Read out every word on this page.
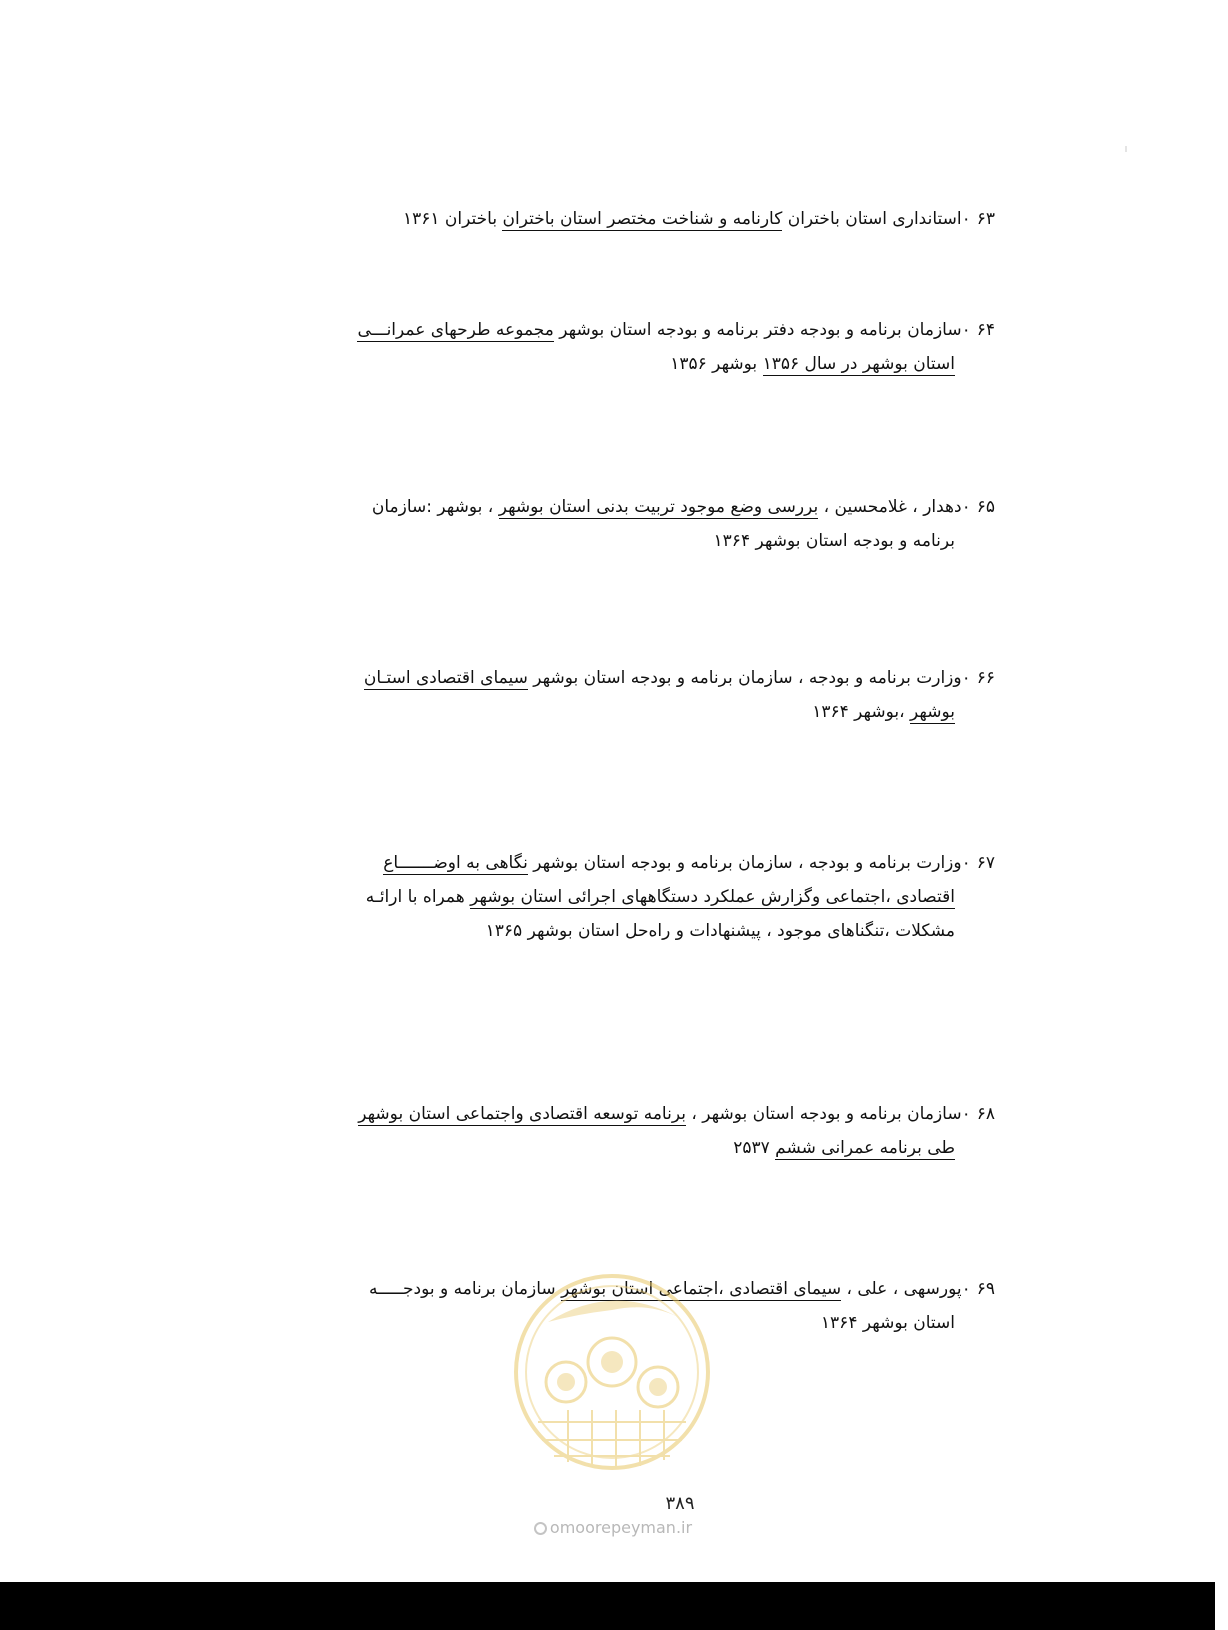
۶۳۰استانداری استان باختران کارنامه و شناخت مختصر استان باختران باختران ۱۳۶۱
۶۴۰سازمان برنامه و بودجه دفتر برنامه و بودجه استان بوشهر مجموعه طرحهای عمرانـــی
استان بوشهر در سال ۱۳۵۶ بوشهر ۱۳۵۶
۶۵۰دهدار ، غلامحسین ، بررسی وضع موجود تربیت بدنی استان بوشهر ، بوشهر :سازمان
برنامه و بودجه استان بوشهر ۱۳۶۴
۶۶۰وزارت برنامه و بودجه ، سازمان برنامه و بودجه استان بوشهر سیمای اقتصادی استـان
بوشهر ،بوشهر ۱۳۶۴
۶۷۰وزارت برنامه و بودجه ، سازمان برنامه و بودجه استان بوشهر نگاهی به اوضـــــــاع
اقتصادی ،اجتماعی وگزارش عملکرد دستگاههای اجرائی استان بوشهر همراه با ارائـه
مشکلات ،تنگناهای موجود ، پیشنهادات و راه‌حل استان بوشهر ۱۳۶۵
۶۸۰سازمان برنامه و بودجه استان بوشهر ، برنامه توسعه اقتصادی واجتماعی استان بوشهر
طی برنامه عمرانی ششم ۲۵۳۷
۶۹۰پورسهی ، علی ، سیمای اقتصادی ،اجتماعی استان بوشهر سازمان برنامه و بودجـــــه
استان بوشهر ۱۳۶۴
۳۸۹
omoorepeyman.ir
